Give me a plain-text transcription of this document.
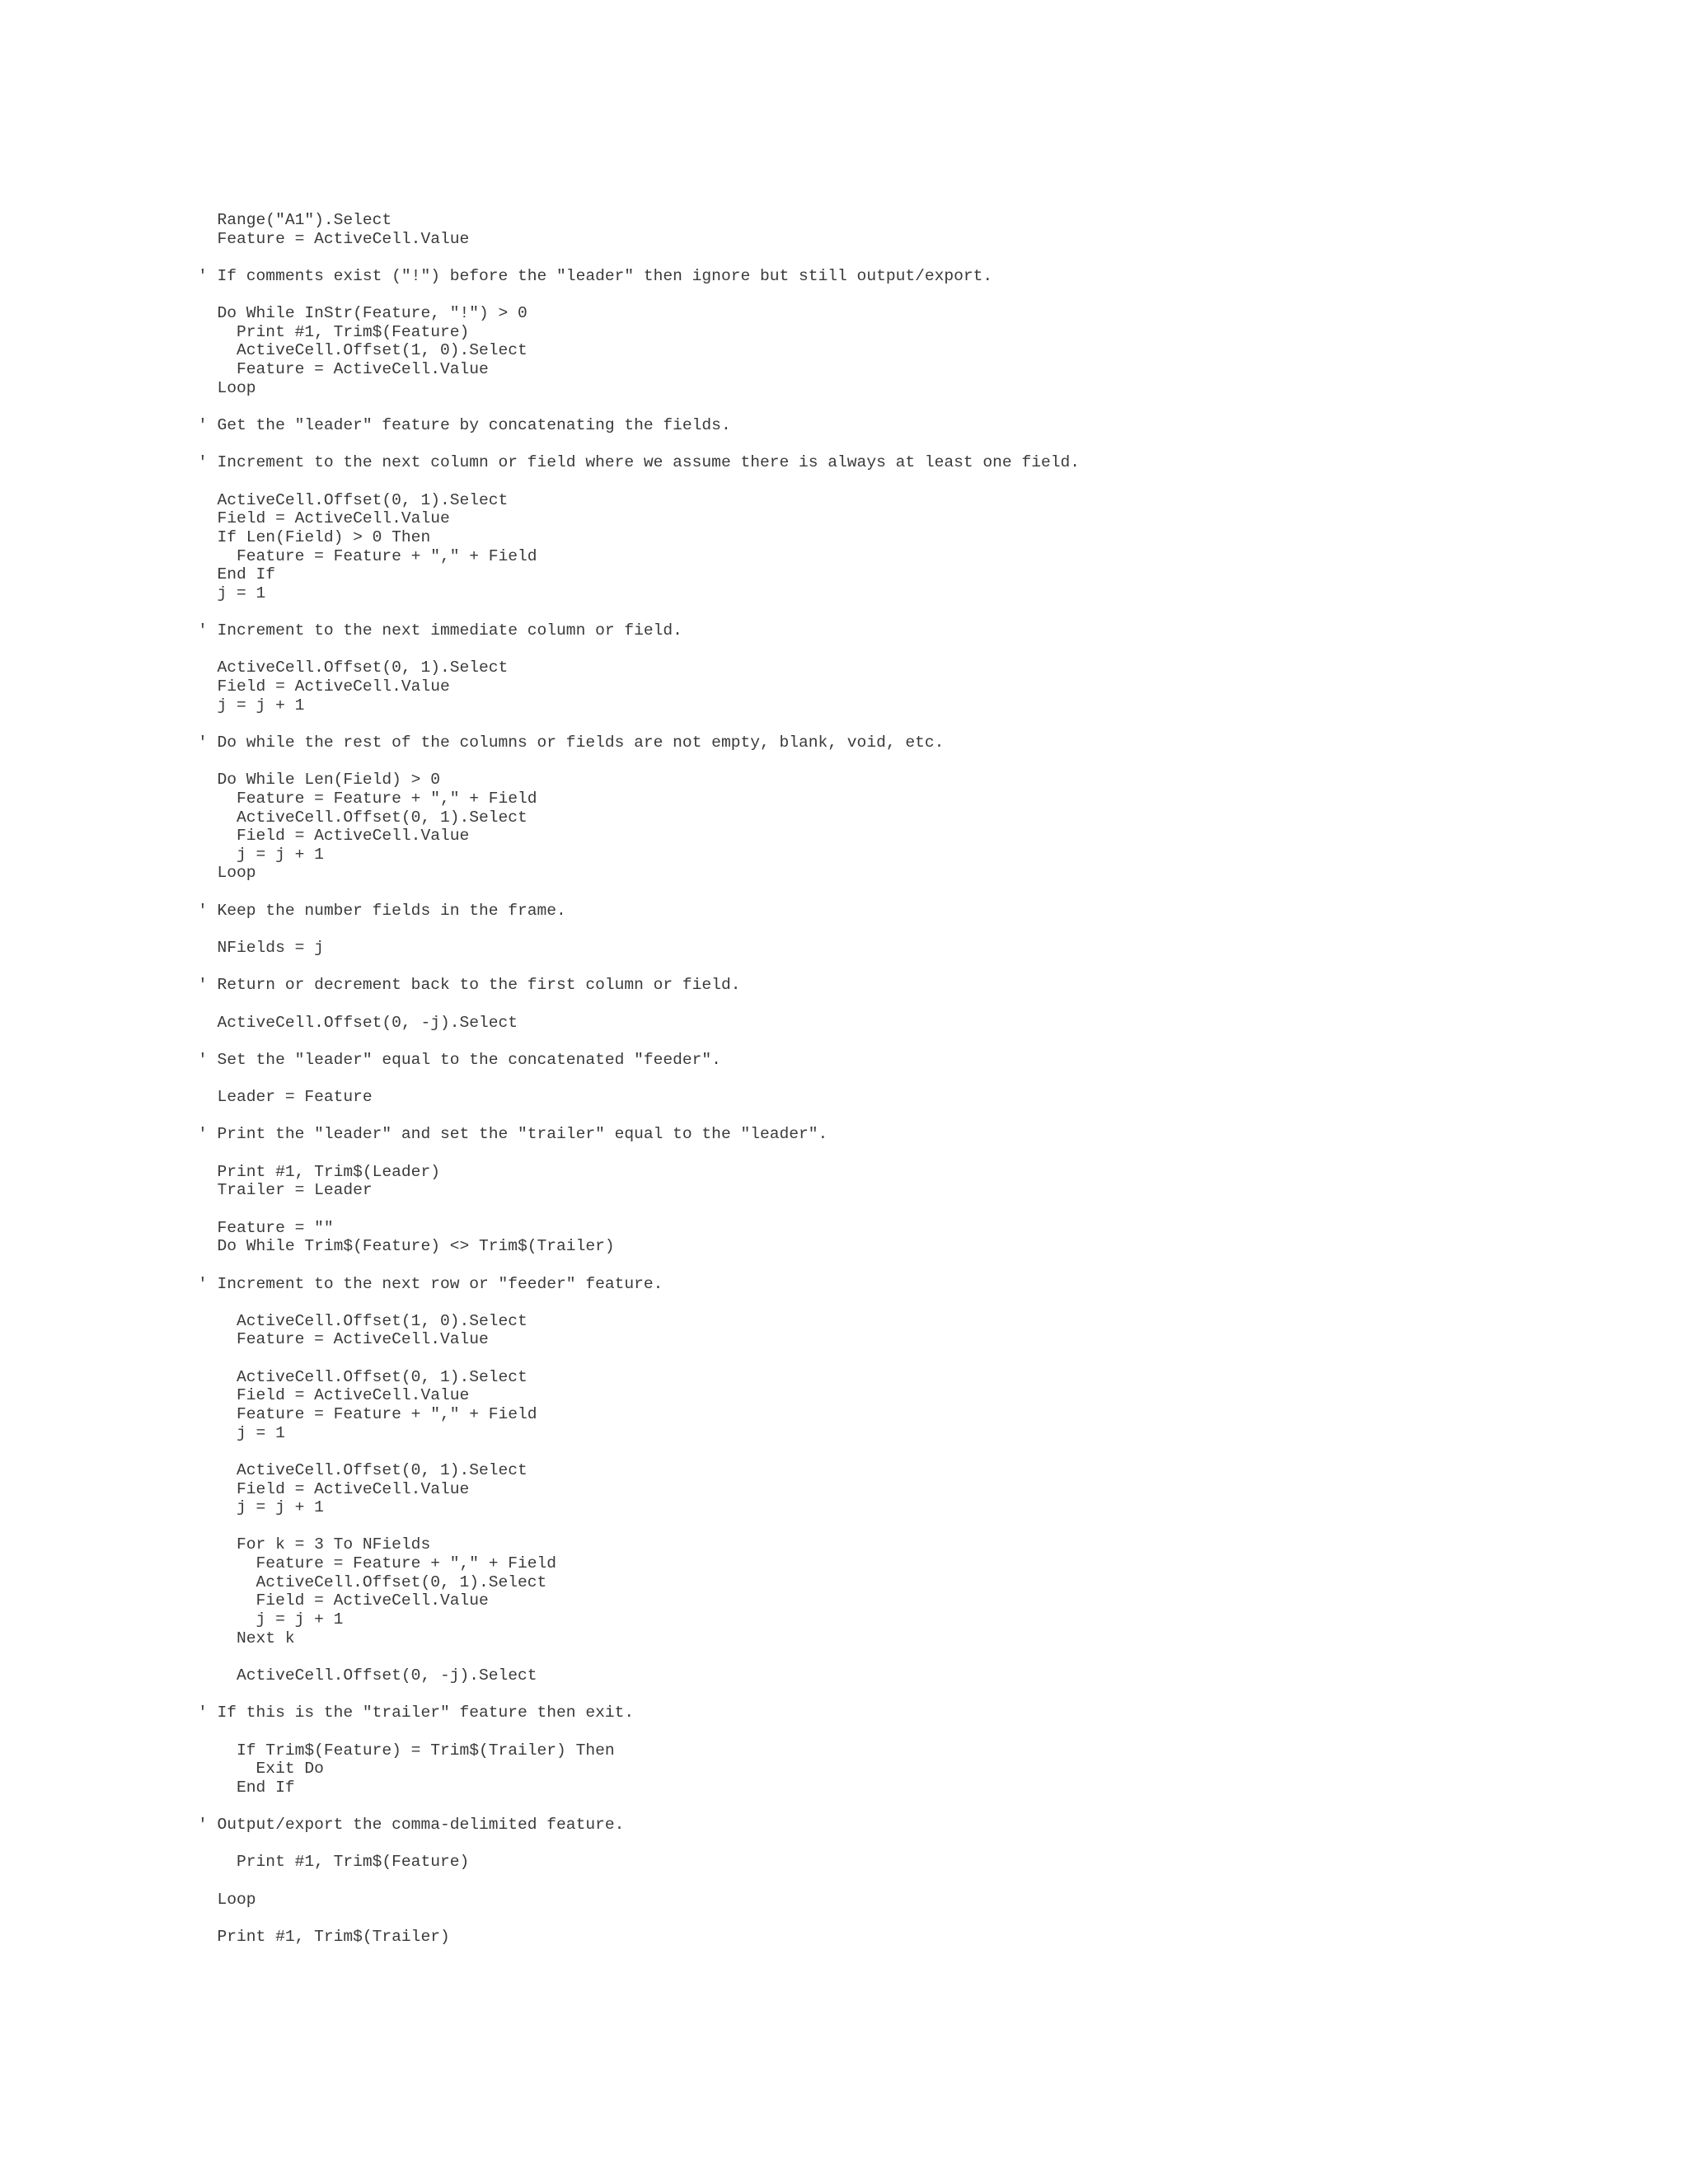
Range("A1").Select
Feature = ActiveCell.Value
' If comments exist ("!") before the "leader" then ignore but still output/export.
Do While InStr(Feature, "!") > 0
Print #1, Trim$(Feature)
ActiveCell.Offset(1, 0).Select
Feature = ActiveCell.Value
Loop
' Get the "leader" feature by concatenating the fields.
' Increment to the next column or field where we assume there is always at least one field.
ActiveCell.Offset(0, 1).Select
Field = ActiveCell.Value
If Len(Field) > 0 Then
Feature = Feature + "," + Field
End If
j = 1
' Increment to the next immediate column or field.
ActiveCell.Offset(0, 1).Select
Field = ActiveCell.Value
j = j + 1
' Do while the rest of the columns or fields are not empty, blank, void, etc.
Do While Len(Field) > 0
Feature = Feature + "," + Field
ActiveCell.Offset(0, 1).Select
Field = ActiveCell.Value
j = j + 1
Loop
' Keep the number fields in the frame.
NFields = j
' Return or decrement back to the first column or field.
ActiveCell.Offset(0, -j).Select
' Set the "leader" equal to the concatenated "feeder".
Leader = Feature
' Print the "leader" and set the "trailer" equal to the "leader".
Print #1, Trim$(Leader)
Trailer = Leader
Feature = ""
Do While Trim$(Feature) <> Trim$(Trailer)
' Increment to the next row or "feeder" feature.
ActiveCell.Offset(1, 0).Select
Feature = ActiveCell.Value
ActiveCell.Offset(0, 1).Select
Field = ActiveCell.Value
Feature = Feature + "," + Field
j = 1
ActiveCell.Offset(0, 1).Select
Field = ActiveCell.Value
j = j + 1
For k = 3 To NFields
Feature = Feature + "," + Field
ActiveCell.Offset(0, 1).Select
Field = ActiveCell.Value
j = j + 1
Next k
ActiveCell.Offset(0, -j).Select
' If this is the "trailer" feature then exit.
If Trim$(Feature) = Trim$(Trailer) Then
Exit Do
End If
' Output/export the comma-delimited feature.
Print #1, Trim$(Feature)
Loop
Print #1, Trim$(Trailer)
